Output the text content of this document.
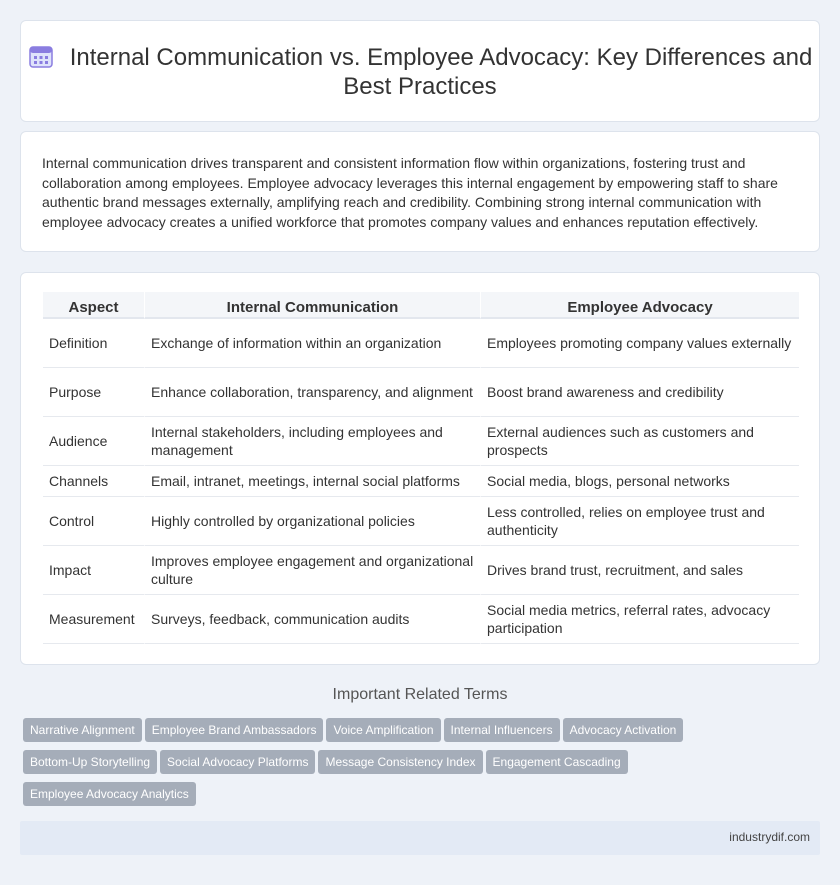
Internal Communication vs. Employee Advocacy: Key Differences and Best Practices

Internal communication drives transparent and consistent information flow within organizations, fostering trust and collaboration among employees. Employee advocacy leverages this internal engagement by empowering staff to share authentic brand messages externally, amplifying reach and credibility. Combining strong internal communication with employee advocacy creates a unified workforce that promotes company values and enhances reputation effectively.

Aspect	Internal Communication	Employee Advocacy
Definition	Exchange of information within an organization	Employees promoting company values externally
Purpose	Enhance collaboration, transparency, and alignment	Boost brand awareness and credibility
Audience	Internal stakeholders, including employees and management	External audiences such as customers and prospects
Channels	Email, intranet, meetings, internal social platforms	Social media, blogs, personal networks
Control	Highly controlled by organizational policies	Less controlled, relies on employee trust and authenticity
Impact	Improves employee engagement and organizational culture	Drives brand trust, recruitment, and sales
Measurement	Surveys, feedback, communication audits	Social media metrics, referral rates, advocacy participation
Important Related Terms
Narrative Alignment Employee Brand Ambassadors Voice Amplification Internal Influencers Advocacy Activation
Bottom-Up Storytelling Social Advocacy Platforms Message Consistency Index Engagement Cascading
Employee Advocacy Analytics
industrydif.com
